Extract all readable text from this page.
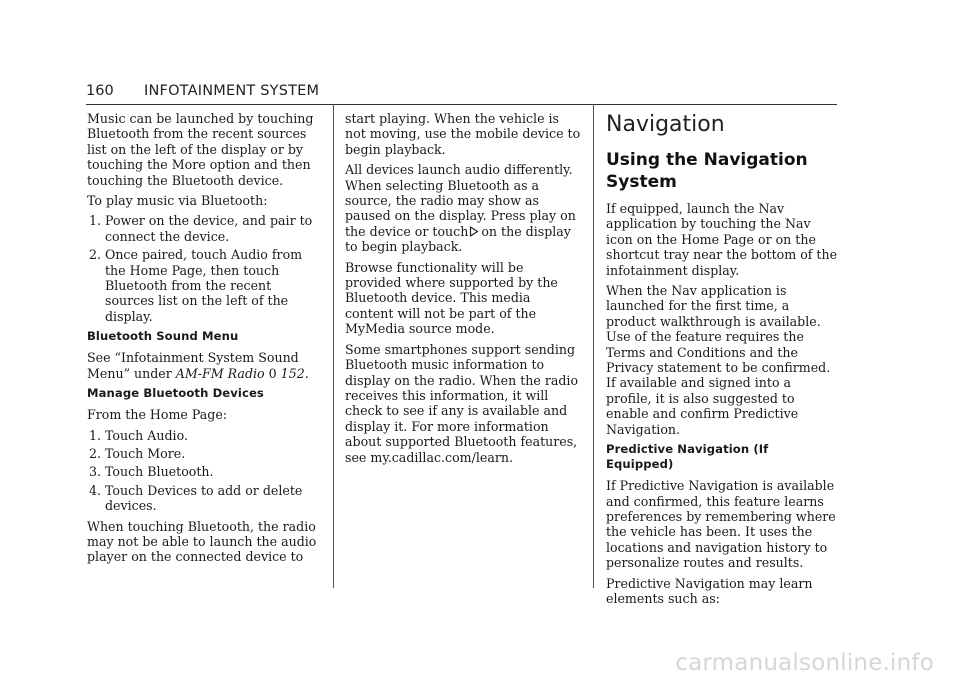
160 INFOTAINMENT SYSTEM

Music can be launched by touching Bluetooth from the recent sources list on the left of the display or by touching the More option and then touching the Bluetooth device.

To play music via Bluetooth:

1. Power on the device, and pair to connect the device.
2. Once paired, touch Audio from the Home Page, then touch Bluetooth from the recent sources list on the left of the display.
Bluetooth Sound Menu

See “Infotainment System Sound Menu” under AM-FM Radio 0 152.

Manage Bluetooth Devices

From the Home Page:

1. Touch Audio.
2. Touch More.
3. Touch Bluetooth.
4. Touch Devices to add or delete devices.

When touching Bluetooth, the radio may not be able to launch the audio player on the connected device to

start playing. When the vehicle is not moving, use the mobile device to begin playback.

All devices launch audio differently. When selecting Bluetooth as a source, the radio may show as paused on the display. Press play on the device or touch on the display to begin playback.

Browse functionality will be provided where supported by the Bluetooth device. This media content will not be part of the MyMedia source mode.

Some smartphones support sending Bluetooth music information to display on the radio. When the radio receives this information, it will check to see if any is available and display it. For more information about supported Bluetooth features, see my.cadillac.com/learn.

Navigation
Using the Navigation System

If equipped, launch the Nav application by touching the Nav icon on the Home Page or on the shortcut tray near the bottom of the infotainment display.

When the Nav application is launched for the first time, a product walkthrough is available. Use of the feature requires the Terms and Conditions and the Privacy statement to be confirmed. If available and signed into a profile, it is also suggested to enable and confirm Predictive Navigation.

Predictive Navigation (If Equipped)

If Predictive Navigation is available and confirmed, this feature learns preferences by remembering where the vehicle has been. It uses the locations and navigation history to personalize routes and results.

Predictive Navigation may learn elements such as:

carmanualsonline.info
